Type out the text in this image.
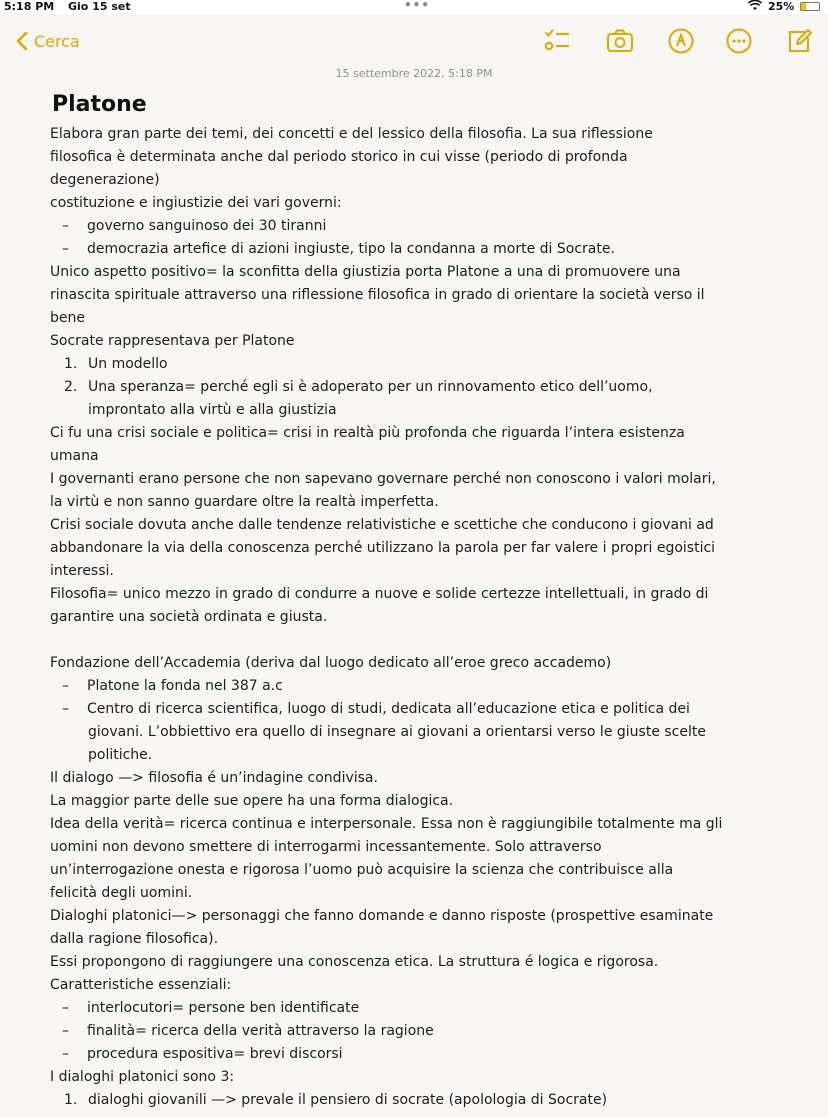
5:18 PM Gio 15 set	•••	25%
Cerca
15 settembre 2022, 5:18 PM
Platone
Elabora gran parte dei temi, dei concetti e del lessico della filosofia. La sua riflessione
filosofica è determinata anche dal periodo storico in cui visse (periodo di profonda
degenerazione)
costituzione e ingiustizie dei vari governi:
–	governo sanguinoso dei 30 tiranni
–	democrazia artefice di azioni ingiuste, tipo la condanna a morte di Socrate.
Unico aspetto positivo= la sconfitta della giustizia porta Platone a una di promuovere una
rinascita spirituale attraverso una riflessione filosofica in grado di orientare la società verso il
bene
Socrate rappresentava per Platone
1. Un modello
2. Una speranza= perché egli si è adoperato per un rinnovamento etico dell’uomo,
improntato alla virtù e alla giustizia
Ci fu una crisi sociale e politica= crisi in realtà più profonda che riguarda l’intera esistenza
umana
I governanti erano persone che non sapevano governare perché non conoscono i valori molari,
la virtù e non sanno guardare oltre la realtà imperfetta.
Crisi sociale dovuta anche dalle tendenze relativistiche e scettiche che conducono i giovani ad
abbandonare la via della conoscenza perché utilizzano la parola per far valere i propri egoistici
interessi.
Filosofia= unico mezzo in grado di condurre a nuove e solide certezze intellettuali, in grado di
garantire una società ordinata e giusta.
Fondazione dell’Accademia (deriva dal luogo dedicato all’eroe greco accademo)
–	Platone la fonda nel 387 a.c
–	Centro di ricerca scientifica, luogo di studi, dedicata all’educazione etica e politica dei
giovani. L’obbiettivo era quello di insegnare ai giovani a orientarsi verso le giuste scelte
politiche.
Il dialogo —> filosofia é un’indagine condivisa.
La maggior parte delle sue opere ha una forma dialogica.
Idea della verità= ricerca continua e interpersonale. Essa non è raggiungibile totalmente ma gli
uomini non devono smettere di interrogarmi incessantemente. Solo attraverso
un’interrogazione onesta e rigorosa l’uomo può acquisire la scienza che contribuisce alla
felicità degli uomini.
Dialoghi platonici—> personaggi che fanno domande e danno risposte (prospettive esaminate
dalla ragione filosofica).
Essi propongono di raggiungere una conoscenza etica. La struttura é logica e rigorosa.
Caratteristiche essenziali:
–	interlocutori= persone ben identificate
–	finalità= ricerca della verità attraverso la ragione
–	procedura espositiva= brevi discorsi
I dialoghi platonici sono 3:
1. dialoghi giovanili —> prevale il pensiero di socrate (apolologia di Socrate)
